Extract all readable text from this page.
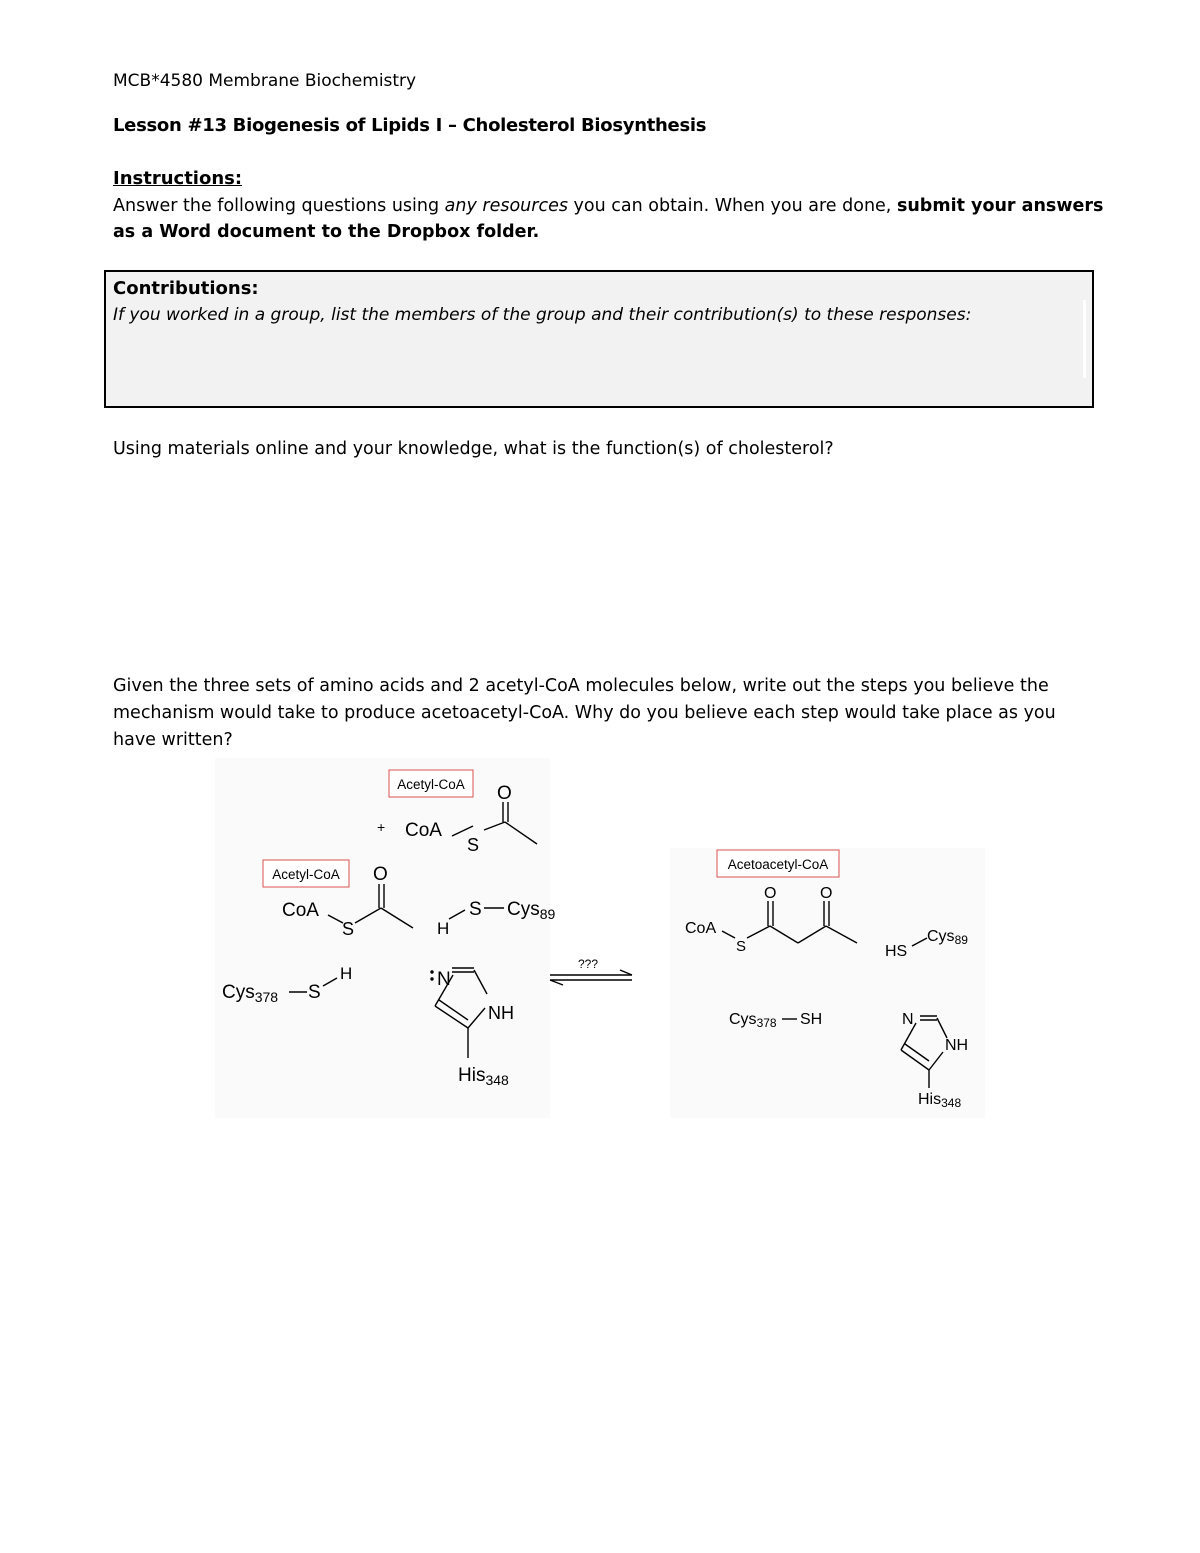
MCB*4580 Membrane Biochemistry
Lesson #13 Biogenesis of Lipids I – Cholesterol Biosynthesis
Instructions:
Answer the following questions using any resources you can obtain. When you are done, submit your answers
as a Word document to the Dropbox folder.
Contributions:
If you worked in a group, list the members of the group and their contribution(s) to these responses:
Using materials online and your knowledge, what is the function(s) of cholesterol?
Given the three sets of amino acids and 2 acetyl-CoA molecules below, write out the steps you believe the
mechanism would take to produce acetoacetyl-CoA. Why do you believe each step would take place as you
have written?
Acetyl-CoA
Acetyl-CoA
Acetoacetyl-CoA
+ CoA
S
O
CoA
S
O
H
S Cys$_{89}$
Cys$_{378}$ S
H	N
NH
His$_{348}$
???
CoA
S
O	O
HS
Cys89
Cys378 SH	N
NH
His348
